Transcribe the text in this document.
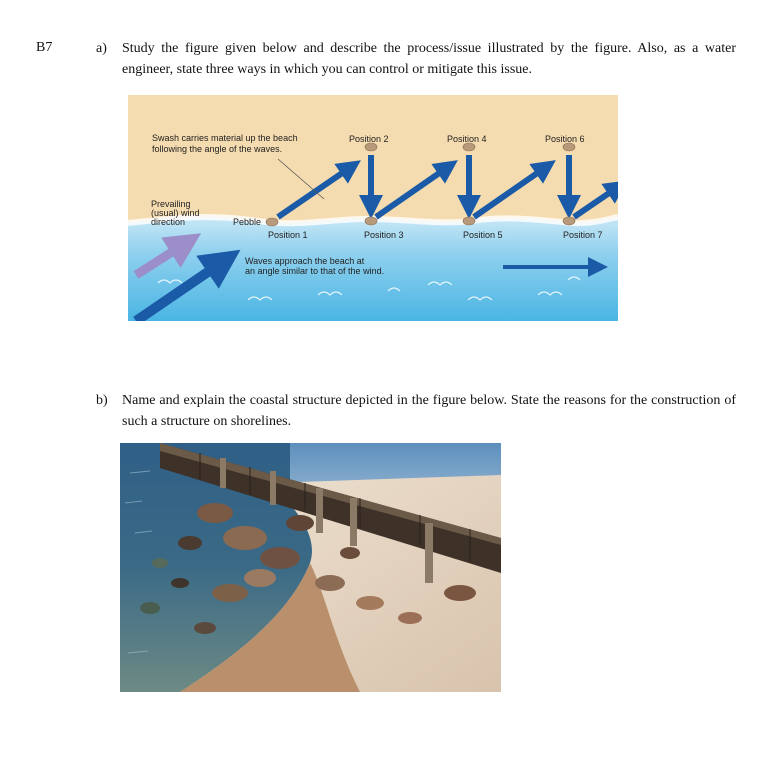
B7	a) Study the figure given below and describe the process/issue illustrated by the figure. Also, as a water engineer, state three ways in which you can control or mitigate this issue.
Swash carries material up the beach
following the angle of the waves.
Prevailing
(usual) wind
direction	Pebble
Position 1
Position 2
Position 3
Position 4
Position 5
Position 6
Position 7
Waves approach the beach at
an angle similar to that of the wind.
b) Name and explain the coastal structure depicted in the figure below. State the reasons for the construction of such a structure on shorelines.
